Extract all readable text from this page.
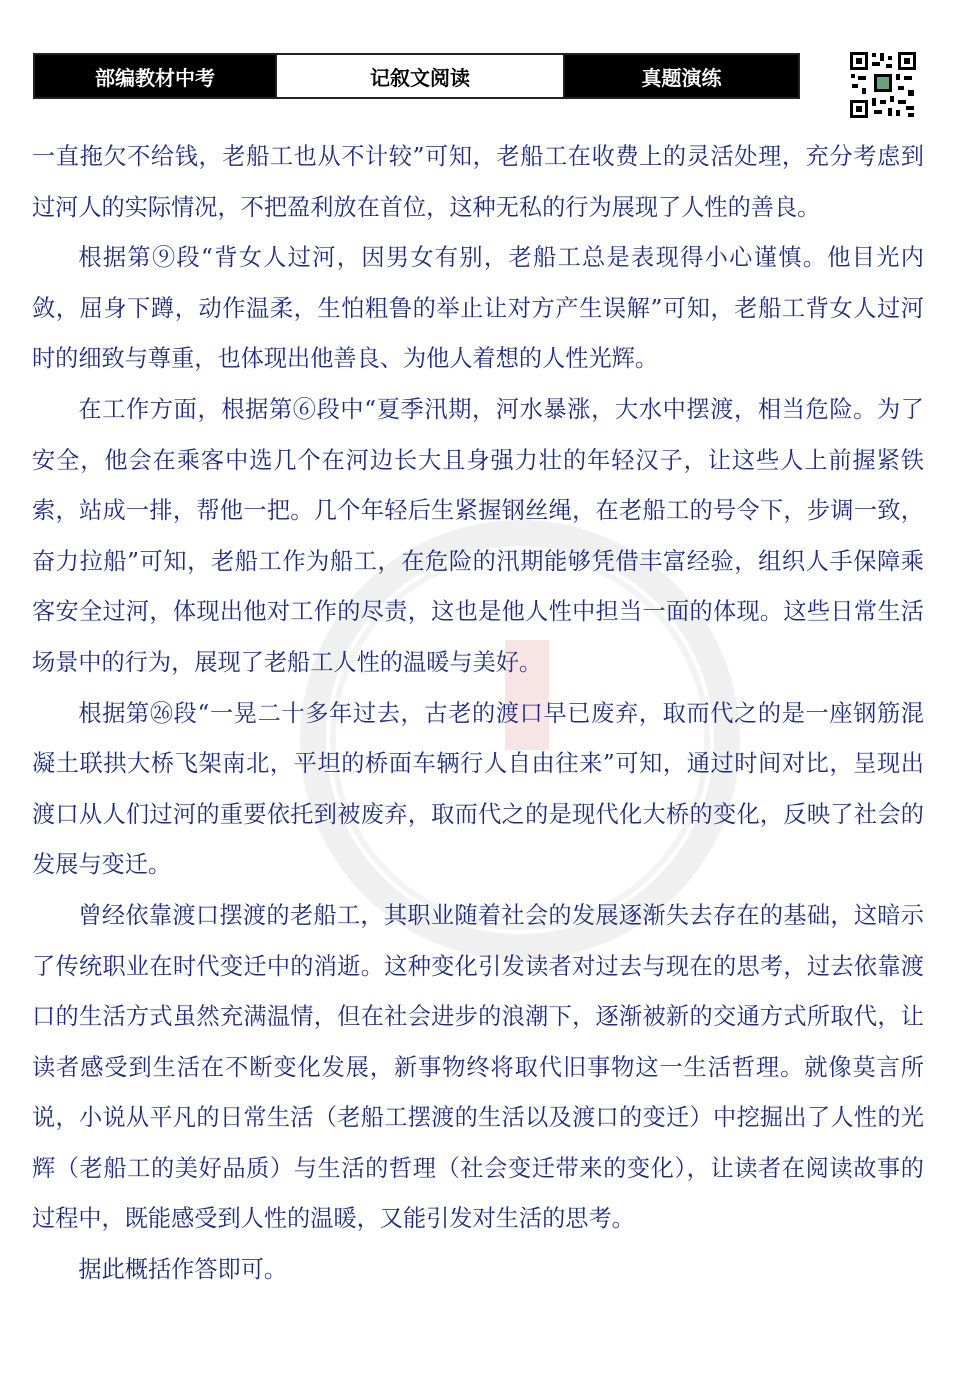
部编教材中考	记叙文阅读	真题演练

一直拖欠不给钱，老船工也从不计较”可知，老船工在收费上的灵活处理，充分考虑到过河人的实际情况，不把盈利放在首位，这种无私的行为展现了人性的善良。

根据第⑨段“背女人过河，因男女有别，老船工总是表现得小心谨慎。他目光内敛，屈身下蹲，动作温柔，生怕粗鲁的举止让对方产生误解”可知，老船工背女人过河时的细致与尊重，也体现出他善良、为他人着想的人性光辉。

在工作方面，根据第⑥段中“夏季汛期，河水暴涨，大水中摆渡，相当危险。为了安全，他会在乘客中选几个在河边长大且身强力壮的年轻汉子，让这些人上前握紧铁索，站成一排，帮他一把。几个年轻后生紧握钢丝绳，在老船工的号令下，步调一致，奋力拉船”可知，老船工作为船工，在危险的汛期能够凭借丰富经验，组织人手保障乘客安全过河，体现出他对工作的尽责，这也是他人性中担当一面的体现。这些日常生活场景中的行为，展现了老船工人性的温暖与美好。

根据第㉖段“一晃二十多年过去，古老的渡口早已废弃，取而代之的是一座钢筋混凝土联拱大桥飞架南北，平坦的桥面车辆行人自由往来”可知，通过时间对比，呈现出渡口从人们过河的重要依托到被废弃，取而代之的是现代化大桥的变化，反映了社会的发展与变迁。

曾经依靠渡口摆渡的老船工，其职业随着社会的发展逐渐失去存在的基础，这暗示了传统职业在时代变迁中的消逝。这种变化引发读者对过去与现在的思考，过去依靠渡口的生活方式虽然充满温情，但在社会进步的浪潮下，逐渐被新的交通方式所取代，让读者感受到生活在不断变化发展，新事物终将取代旧事物这一生活哲理。就像莫言所说，小说从平凡的日常生活（老船工摆渡的生活以及渡口的变迁）中挖掘出了人性的光辉（老船工的美好品质）与生活的哲理（社会变迁带来的变化），让读者在阅读故事的过程中，既能感受到人性的温暖，又能引发对生活的思考。

据此概括作答即可。
